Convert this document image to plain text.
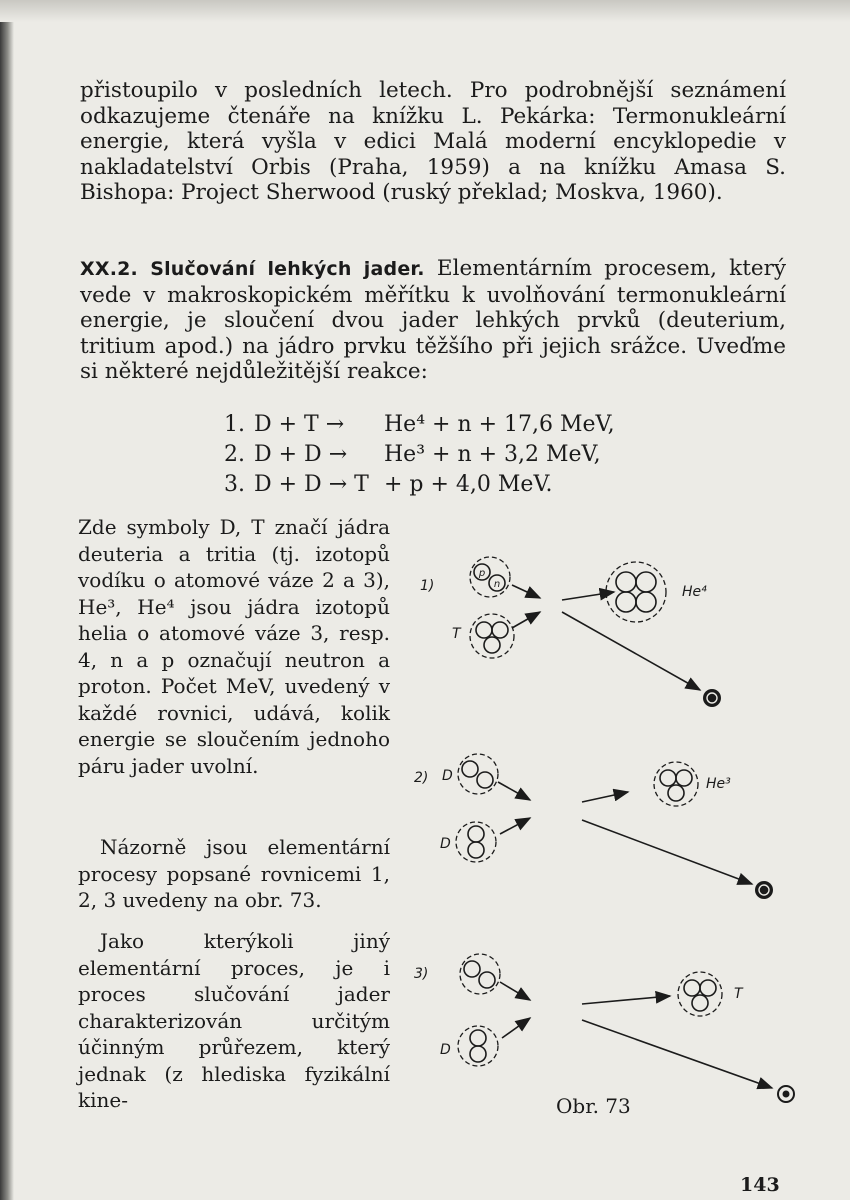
přistoupilo v posledních letech. Pro podrobnější seznámení odkazujeme čtenáře na knížku L. Pekárka: Termonukleární energie, která vyšla v edici Malá moderní encyklopedie v nakladatelství Orbis (Praha, 1959) a na knížku Amasa S. Bishopa: Project Sherwood (ruský překlad; Moskva, 1960).

XX.2. Slučování lehkých jader. Elementárním procesem, který vede v makroskopickém měřítku k uvolňování termonukleární energie, je sloučení dvou jader lehkých prvků (deuterium, tritium apod.) na jádro prvku těžšího při jejich srážce. Uveďme si některé nejdůležitější reakce:

1. D + T →	He⁴ + n + 17,6 MeV,
2. D + D →	He³ + n + 3,2 MeV,
3. D + D → T + p + 4,0 MeV.

Zde symboly D, T značí jádra deuteria a tritia (tj. izotopů vodíku o atomové váze 2 a 3), He³, He⁴ jsou jádra izotopů helia o atomové váze 3, resp. 4, n a p označují neutron a proton. Počet MeV, uvedený v každé rovnici, udává, kolik energie se sloučením jednoho páru jader uvolní.

Názorně jsou elementární procesy popsané rovnicemi 1, 2, 3 uvedeny na obr. 73.

Jako kterýkoli jiný elementární proces, je i proces slučování jader charakterizován určitým účinným průřezem, který jednak (z hlediska fyzikální kine-

1)
p
n
T
He⁴
2) D
D
He³
3)
D
T
Obr. 73
143
